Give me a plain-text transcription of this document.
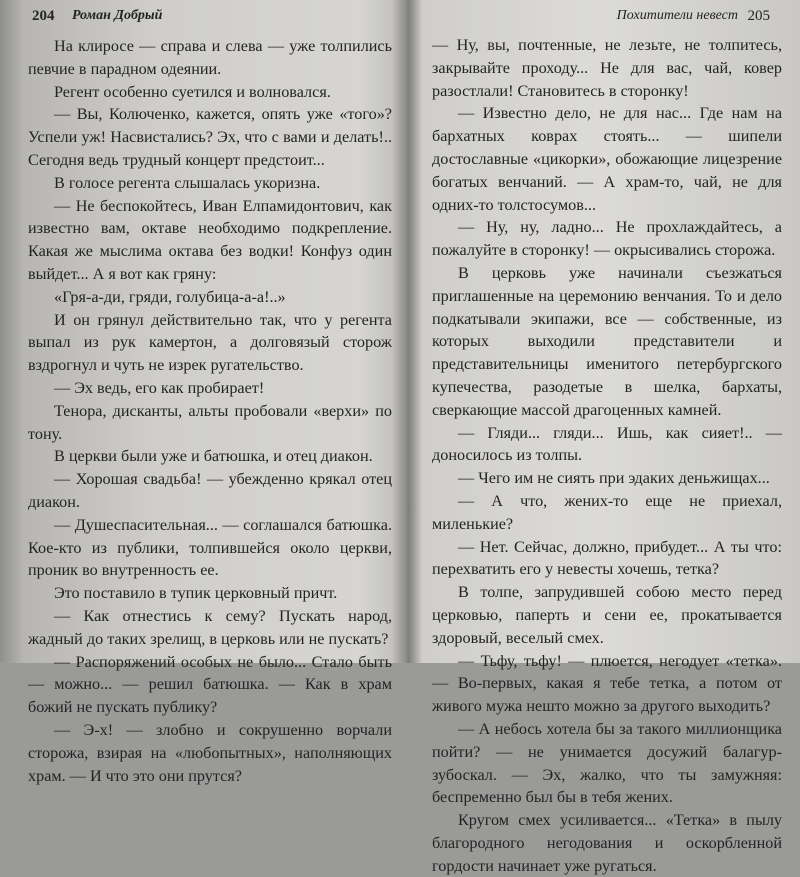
204 Роман Добрый

На клиросе — справа и слева — уже толпились певчие в парадном одеянии.

Регент особенно суетился и волновался.

— Вы, Колюченко, кажется, опять уже «того»? Успели уж! Насвистались? Эх, что с вами и делать!.. Сегодня ведь трудный концерт предстоит...

В голосе регента слышалась укоризна.

— Не беспокойтесь, Иван Елпамидонтович, как известно вам, октаве необходимо подкрепление. Какая же мыслима октава без водки! Конфуз один выйдет... А я вот как гряну:

«Гря-а-ди, гряди, голубица-а-а!..»

И он грянул действительно так, что у регента выпал из рук камертон, а долговязый сторож вздрогнул и чуть не изрек ругательство.

— Эх ведь, его как пробирает!

Тенора, дисканты, альты пробовали «верхи» по тону.

В церкви были уже и батюшка, и отец диакон.

— Хорошая свадьба! — убежденно крякал отец диакон.

— Душеспасительная... — соглашался батюшка. Кое-кто из публики, толпившейся около церкви, проник во внутренность ее.

Это поставило в тупик церковный причт.

— Как отнестись к сему? Пускать народ, жадный до таких зрелищ, в церковь или не пускать?

— Распоряжений особых не было... Стало быть — можно... — решил батюшка. — Как в храм божий не пускать публику?

— Э-х! — злобно и сокрушенно ворчали сторожа, взирая на «любопытных», наполняющих храм. — И что это они прутся?

Похитители невест 205

— Ну, вы, почтенные, не лезьте, не толпитесь, закрывайте проходу... Не для вас, чай, ковер разостлали! Становитесь в сторонку!

— Известно дело, не для нас... Где нам на бархатных коврах стоять... — шипели достославные «цикорки», обожающие лицезрение богатых венчаний. — А храм-то, чай, не для одних-то толстосумов...

— Ну, ну, ладно... Не прохлаждайтесь, а пожалуйте в сторонку! — окрысивались сторожа.

В церковь уже начинали съезжаться приглашенные на церемонию венчания. То и дело подкатывали экипажи, все — собственные, из которых выходили представители и представительницы именитого петербургского купечества, разодетые в шелка, бархаты, сверкающие массой драгоценных камней.

— Гляди... гляди... Ишь, как сияет!.. — доносилось из толпы.

— Чего им не сиять при эдаких деньжищах...

— А что, жених-то еще не приехал, миленькие?

— Нет. Сейчас, должно, прибудет... А ты что: перехватить его у невесты хочешь, тетка?

В толпе, запрудившей собою место перед церковью, паперть и сени ее, прокатывается здоровый, веселый смех.

— Тьфу, тьфу! — плюется, негодует «тетка». — Во-первых, какая я тебе тетка, а потом от живого мужа нешто можно за другого выходить?

— А небось хотела бы за такого миллионщика пойти? — не унимается досужий балагур-зубоскал. — Эх, жалко, что ты замужняя: беспременно был бы в тебя жених.

Кругом смех усиливается... «Тетка» в пылу благородного негодования и оскорбленной гордости начинает уже ругаться.
